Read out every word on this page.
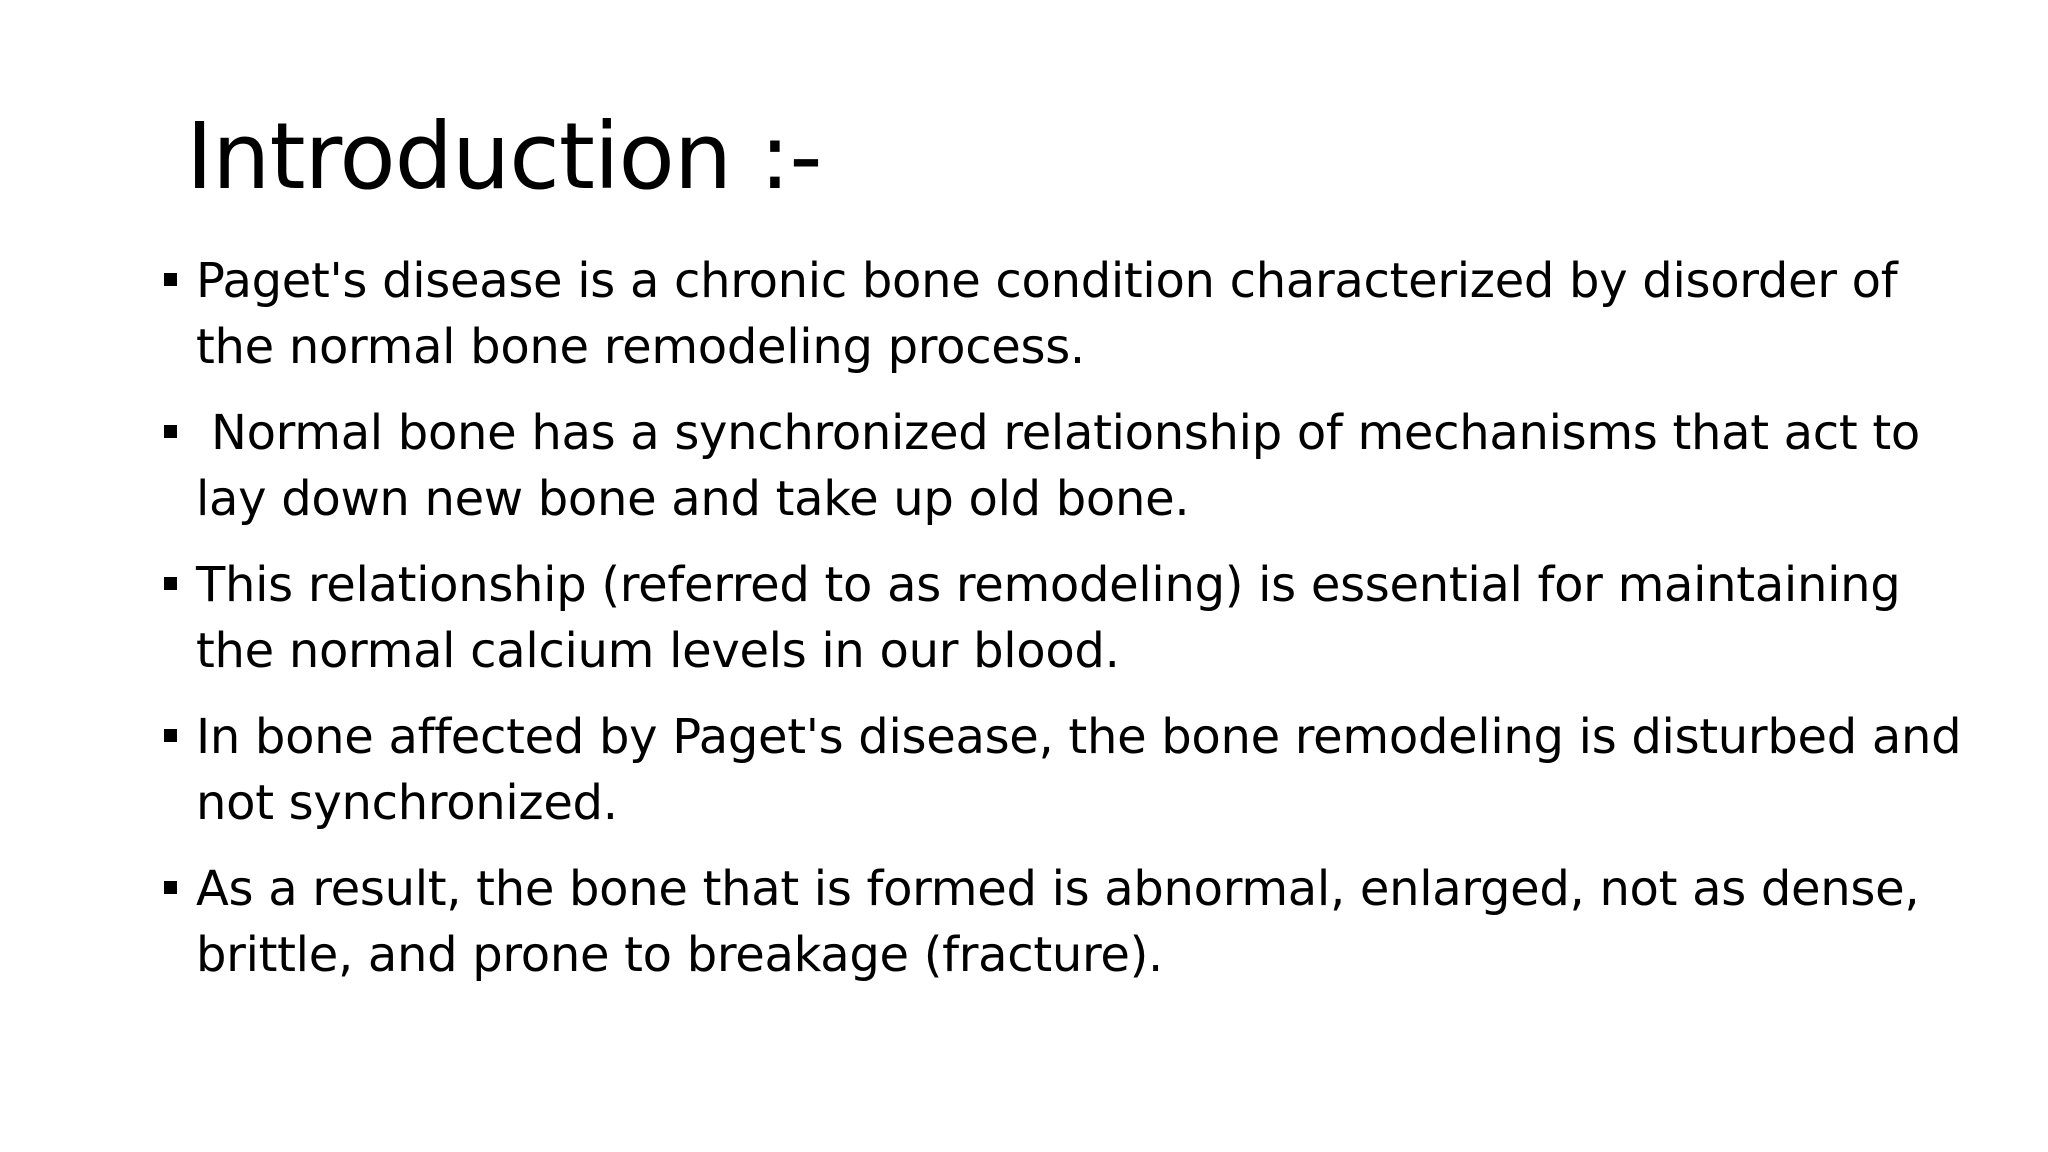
Introduction :-
Paget's disease is a chronic bone condition characterized by disorder of the normal bone remodeling process.
Normal bone has a synchronized relationship of mechanisms that act to lay down new bone and take up old bone.
This relationship (referred to as remodeling) is essential for maintaining the normal calcium levels in our blood.
In bone affected by Paget's disease, the bone remodeling is disturbed and not synchronized.
As a result, the bone that is formed is abnormal, enlarged, not as dense, brittle, and prone to breakage (fracture).
